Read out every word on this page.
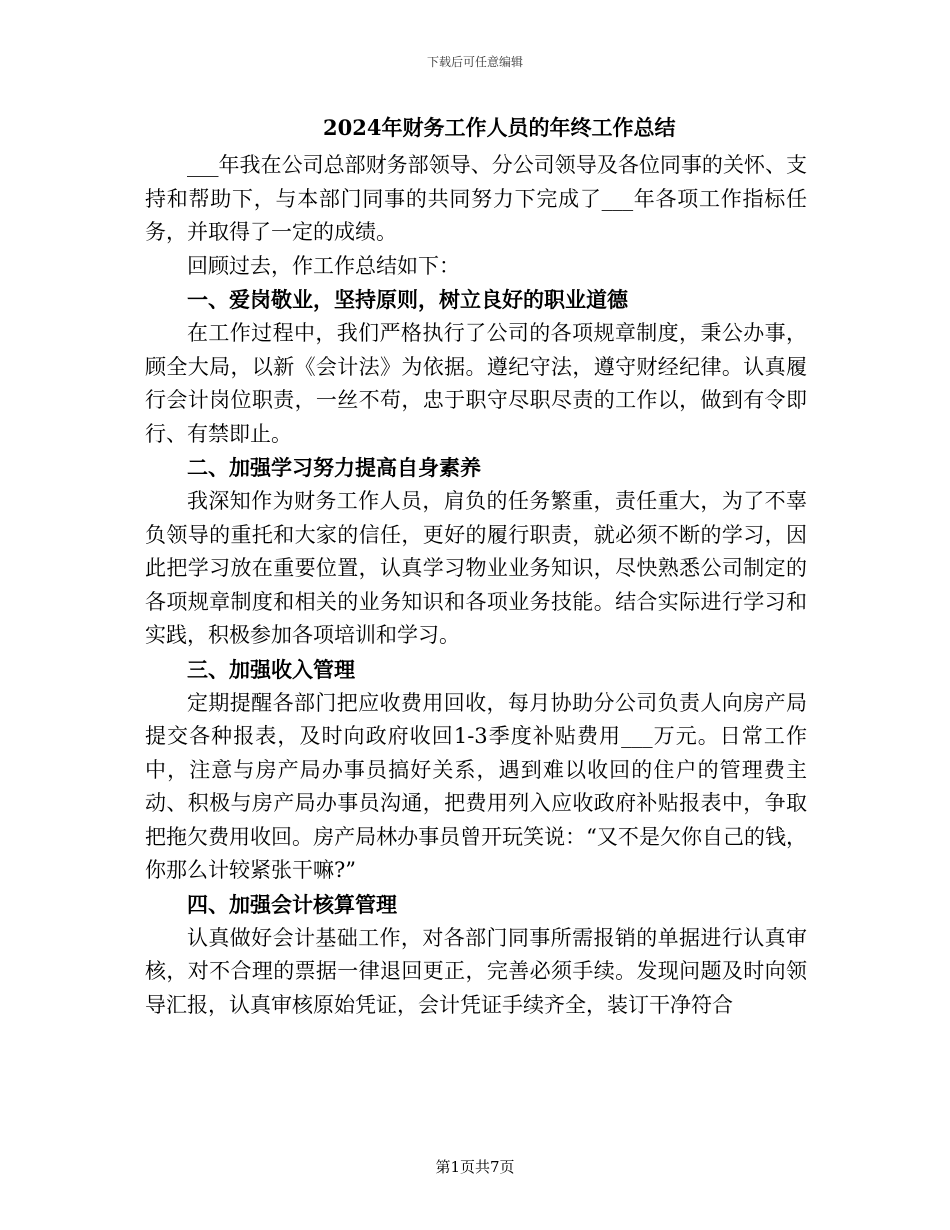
下载后可任意编辑
2024年财务工作人员的年终工作总结

___年我在公司总部财务部领导、分公司领导及各位同事的关怀、支持和帮助下，与本部门同事的共同努力下完成了___年各项工作指标任务，并取得了一定的成绩。

回顾过去，作工作总结如下：

一、爱岗敬业，坚持原则，树立良好的职业道德

在工作过程中，我们严格执行了公司的各项规章制度，秉公办事，顾全大局，以新《会计法》为依据。遵纪守法，遵守财经纪律。认真履行会计岗位职责，一丝不苟，忠于职守尽职尽责的工作以，做到有令即行、有禁即止。

二、加强学习努力提高自身素养

我深知作为财务工作人员，肩负的任务繁重，责任重大，为了不辜负领导的重托和大家的信任，更好的履行职责，就必须不断的学习，因此把学习放在重要位置，认真学习物业业务知识，尽快熟悉公司制定的各项规章制度和相关的业务知识和各项业务技能。结合实际进行学习和实践，积极参加各项培训和学习。

三、加强收入管理

定期提醒各部门把应收费用回收，每月协助分公司负责人向房产局提交各种报表，及时向政府收回1-3季度补贴费用___万元。日常工作中，注意与房产局办事员搞好关系，遇到难以收回的住户的管理费主动、积极与房产局办事员沟通，把费用列入应收政府补贴报表中，争取把拖欠费用收回。房产局林办事员曾开玩笑说：“又不是欠你自己的钱，你那么计较紧张干嘛?”

四、加强会计核算管理

认真做好会计基础工作，对各部门同事所需报销的单据进行认真审核，对不合理的票据一律退回更正，完善必须手续。发现问题及时向领导汇报，认真审核原始凭证，会计凭证手续齐全，装订干净符合

第1页共7页
